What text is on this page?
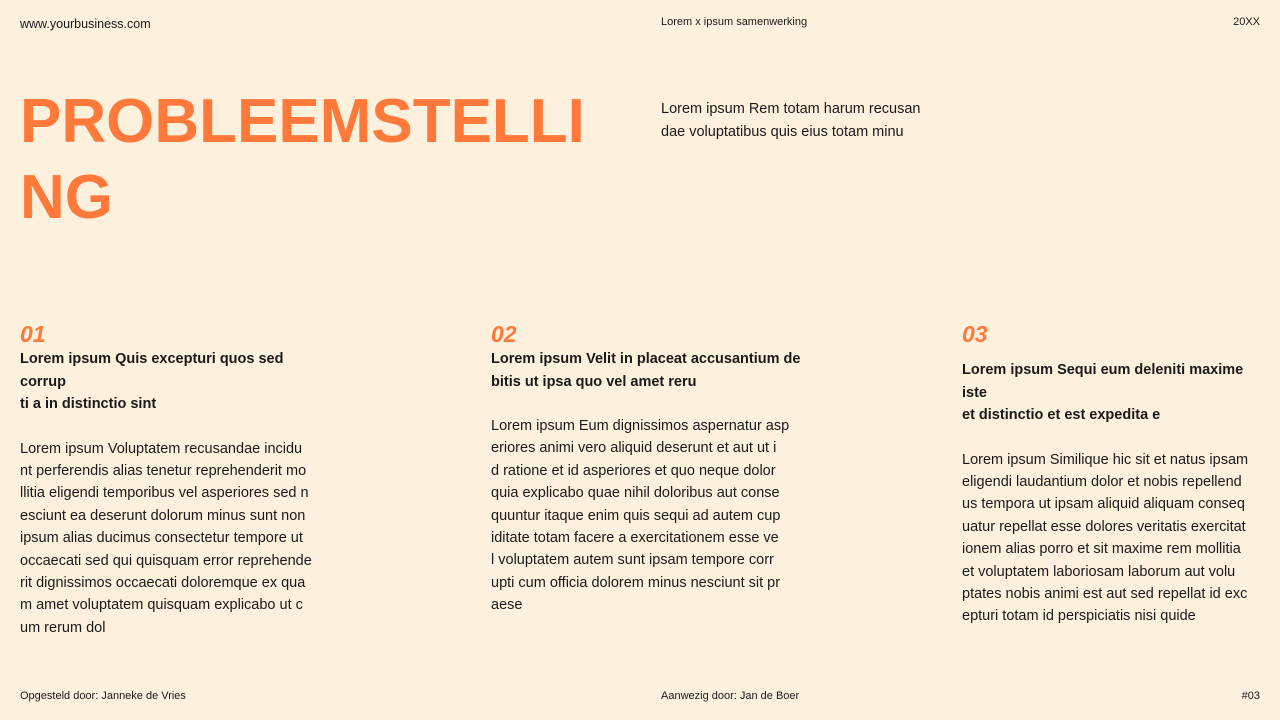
www.yourbusiness.com	Lorem x ipsum samenwerking	20XX
PROBLEEMSTELLI
NG
Lorem ipsum Rem totam harum recusan
dae voluptatibus quis eius totam minu
01
Lorem ipsum Quis excepturi quos sed corrup
ti a in distinctio sint
Lorem ipsum Voluptatem recusandae incidu
nt perferendis alias tenetur reprehenderit mo
llitia eligendi temporibus vel asperiores sed n
esciunt ea deserunt dolorum minus sunt non
ipsum alias ducimus consectetur tempore ut
occaecati sed qui quisquam error reprehende
rit dignissimos occaecati doloremque ex qua
m amet voluptatem quisquam explicabo ut c
um rerum dol
02
Lorem ipsum Velit in placeat accusantium de
bitis ut ipsa quo vel amet reru
Lorem ipsum Eum dignissimos aspernatur asp
eriores animi vero aliquid deserunt et aut ut i
d ratione et id asperiores et quo neque dolor
quia explicabo quae nihil doloribus aut conse
quuntur itaque enim quis sequi ad autem cup
iditate totam facere a exercitationem esse ve
l voluptatem autem sunt ipsam tempore corr
upti cum officia dolorem minus nesciunt sit pr
aese
03
Lorem ipsum Sequi eum deleniti maxime iste
et distinctio et est expedita e
Lorem ipsum Similique hic sit et natus ipsam
eligendi laudantium dolor et nobis repellend
us tempora ut ipsam aliquid aliquam conseq
uatur repellat esse dolores veritatis exercitat
ionem alias porro et sit maxime rem mollitia
et voluptatem laboriosam laborum aut volu
ptates nobis animi est aut sed repellat id exc
epturi totam id perspiciatis nisi quide
Opgesteld door: Janneke de Vries	Aanwezig door: Jan de Boer	#03
